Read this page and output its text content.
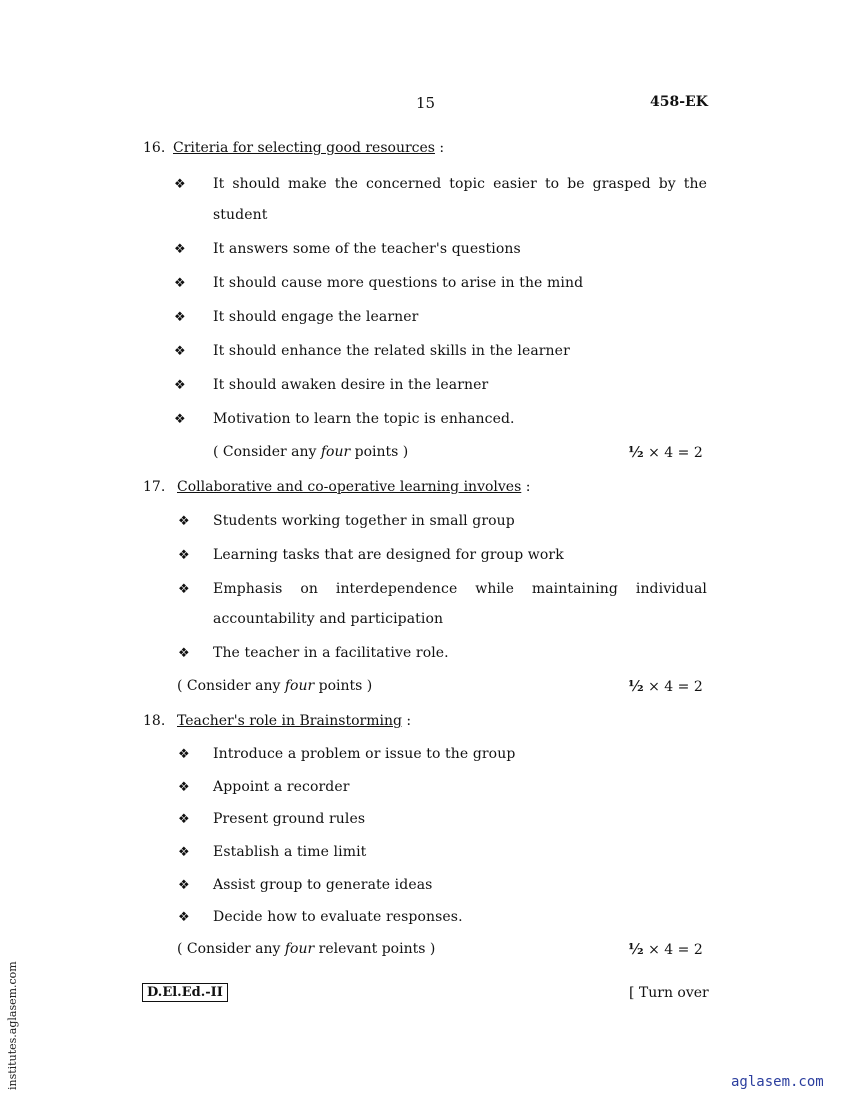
15	458-EK
16. Criteria for selecting good resources :
❖ It should make the concerned topic easier to be grasped by the
student
❖ It answers some of the teacher's questions
❖ It should cause more questions to arise in the mind
❖ It should engage the learner
❖ It should enhance the related skills in the learner
❖ It should awaken desire in the learner
❖ Motivation to learn the topic is enhanced.
( Consider any four points )	½ × 4 = 2
17. Collaborative and co-operative learning involves :
❖ Students working together in small group
❖ Learning tasks that are designed for group work
❖ Emphasis on interdependence while maintaining individual
accountability and participation
❖ The teacher in a facilitative role.
( Consider any four points )	½ × 4 = 2
18. Teacher's role in Brainstorming :
❖ Introduce a problem or issue to the group
❖ Appoint a recorder
❖ Present ground rules
❖ Establish a time limit
❖ Assist group to generate ideas
❖ Decide how to evaluate responses.
( Consider any four relevant points )	½ × 4 = 2
D.El.Ed.-II	[ Turn over
institutes.aglasem.com	aglasem.com
